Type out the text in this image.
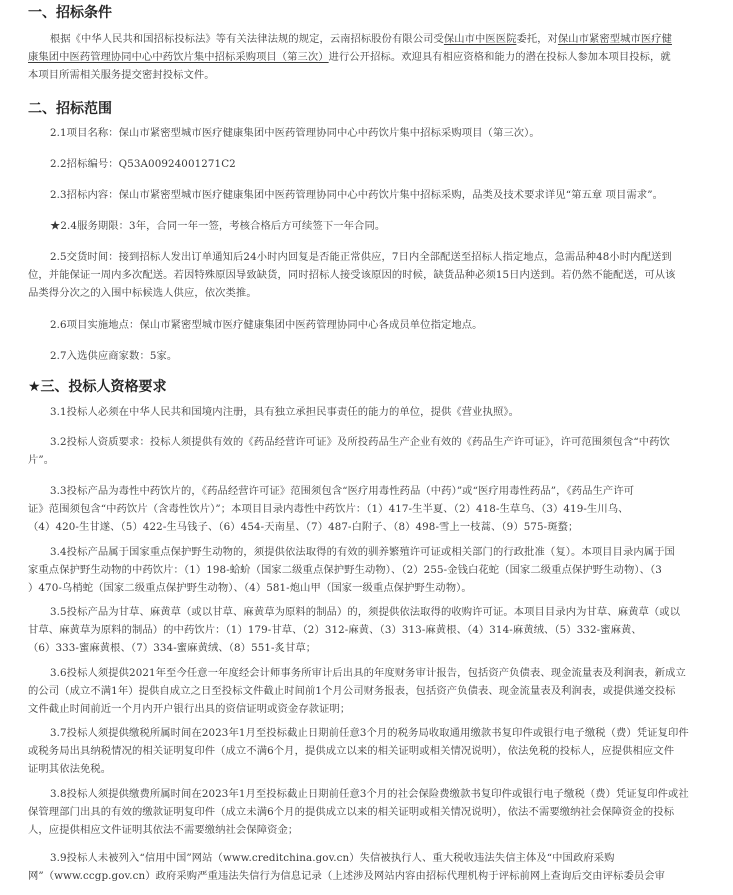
一、招标条件
根据《中华人民共和国招标投标法》等有关法律法规的规定，云南招标股份有限公司受保山市中医医院委托，对保山市紧密型城市医疗健
康集团中医药管理协同中心中药饮片集中招标采购项目（第三次）进行公开招标。欢迎具有相应资格和能力的潜在投标人参加本项目投标，就
本项目所需相关服务提交密封投标文件。
二、招标范围
2.1项目名称：保山市紧密型城市医疗健康集团中医药管理协同中心中药饮片集中招标采购项目（第三次）。
2.2招标编号：Q53A00924001271C2
2.3招标内容：保山市紧密型城市医疗健康集团中医药管理协同中心中药饮片集中招标采购，品类及技术要求详见“第五章 项目需求”。
★2.4服务期限：3年，合同一年一签，考核合格后方可续签下一年合同。
2.5交货时间：接到招标人发出订单通知后24小时内回复是否能正常供应，7日内全部配送至招标人指定地点，急需品种48小时内配送到
位，并能保证一周内多次配送。若因特殊原因导致缺货，同时招标人接受该原因的时候，缺货品种必须15日内送到。若仍然不能配送，可从该
品类得分次之的入围中标候选人供应，依次类推。
2.6项目实施地点：保山市紧密型城市医疗健康集团中医药管理协同中心各成员单位指定地点。
2.7入选供应商家数：5家。
★三、投标人资格要求
3.1投标人必须在中华人民共和国境内注册，具有独立承担民事责任的能力的单位，提供《营业执照》。
3.2投标人资质要求：投标人须提供有效的《药品经营许可证》及所投药品生产企业有效的《药品生产许可证》，许可范围须包含“中药饮
片”。
3.3投标产品为毒性中药饮片的，《药品经营许可证》范围须包含“医疗用毒性药品（中药）”或“医疗用毒性药品”，《药品生产许可
证》范围须包含“中药饮片（含毒性饮片）”；本项目目录内毒性中药饮片：（1）417-生半夏、（2）418-生草乌、（3）419-生川乌、
（4）420-生甘遂、（5）422-生马钱子、（6）454-天南星、（7）487-白附子、（8）498-雪上一枝蒿、（9）575-斑蝥；
3.4投标产品属于国家重点保护野生动物的，须提供依法取得的有效的驯养繁殖许可证或相关部门的行政批准（复）。本项目目录内属于国
家重点保护野生动物的中药饮片：（1）198-蛤蚧（国家二级重点保护野生动物）、（2）255-金钱白花蛇（国家二级重点保护野生动物）、（3
）470-乌梢蛇（国家二级重点保护野生动物）、（4）581-炮山甲（国家一级重点保护野生动物）。
3.5投标产品为甘草、麻黄草（或以甘草、麻黄草为原料的制品）的，须提供依法取得的收购许可证。本项目目录内为甘草、麻黄草（或以
甘草、麻黄草为原料的制品）的中药饮片：（1）179-甘草、（2）312-麻黄、（3）313-麻黄根、（4）314-麻黄绒、（5）332-蜜麻黄、
（6）333-蜜麻黄根、（7）334-蜜麻黄绒、（8）551-炙甘草；
3.6投标人须提供2021年至今任意一年度经会计师事务所审计后出具的年度财务审计报告，包括资产负债表、现金流量表及利润表，新成立
的公司（成立不满1年）提供自成立之日至投标文件截止时间前1个月公司财务报表，包括资产负债表、现金流量表及利润表，或提供递交投标
文件截止时间前近一个月内开户银行出具的资信证明或资金存款证明；
3.7投标人须提供缴税所属时间在2023年1月至投标截止日期前任意3个月的税务局收取通用缴款书复印件或银行电子缴税（费）凭证复印件
或税务局出具纳税情况的相关证明复印件（成立不满6个月，提供成立以来的相关证明或相关情况说明），依法免税的投标人，应提供相应文件
证明其依法免税。
3.8投标人须提供缴费所属时间在2023年1月至投标截止日期前任意3个月的社会保险费缴款书复印件或银行电子缴税（费）凭证复印件或社
保管理部门出具的有效的缴款证明复印件（成立未满6个月的提供成立以来的相关证明或相关情况说明），依法不需要缴纳社会保障资金的投标
人，应提供相应文件证明其依法不需要缴纳社会保障资金；
3.9投标人未被列入“信用中国”网站（www.creditchina.gov.cn）失信被执行人、重大税收违法失信主体及“中国政府采购
网”（www.ccgp.gov.cn）政府采购严重违法失信行为信息记录（上述涉及网站内容由招标代理机构于评标前网上查询后交由评标委员会审
